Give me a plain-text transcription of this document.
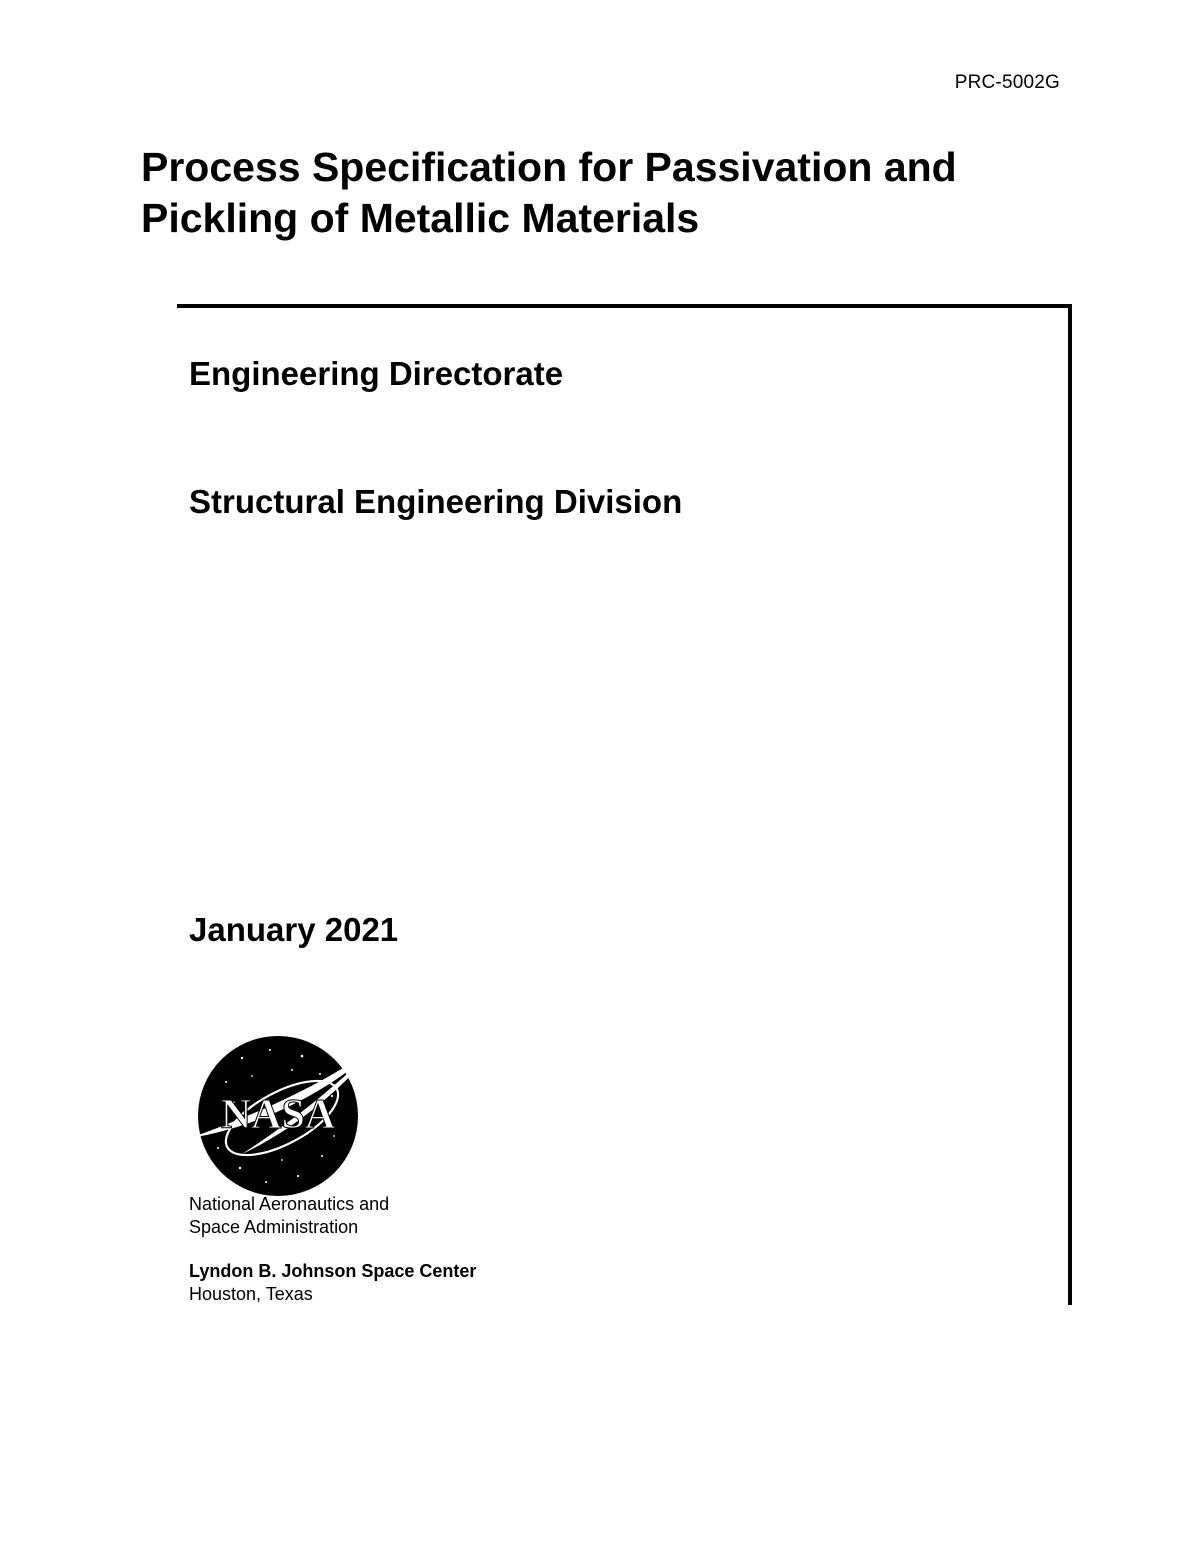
PRC-5002G
Process Specification for Passivation and Pickling of Metallic Materials
Engineering Directorate
Structural Engineering Division
January 2021
NASA
National Aeronautics and
Space Administration
Lyndon B. Johnson Space Center
Houston, Texas
